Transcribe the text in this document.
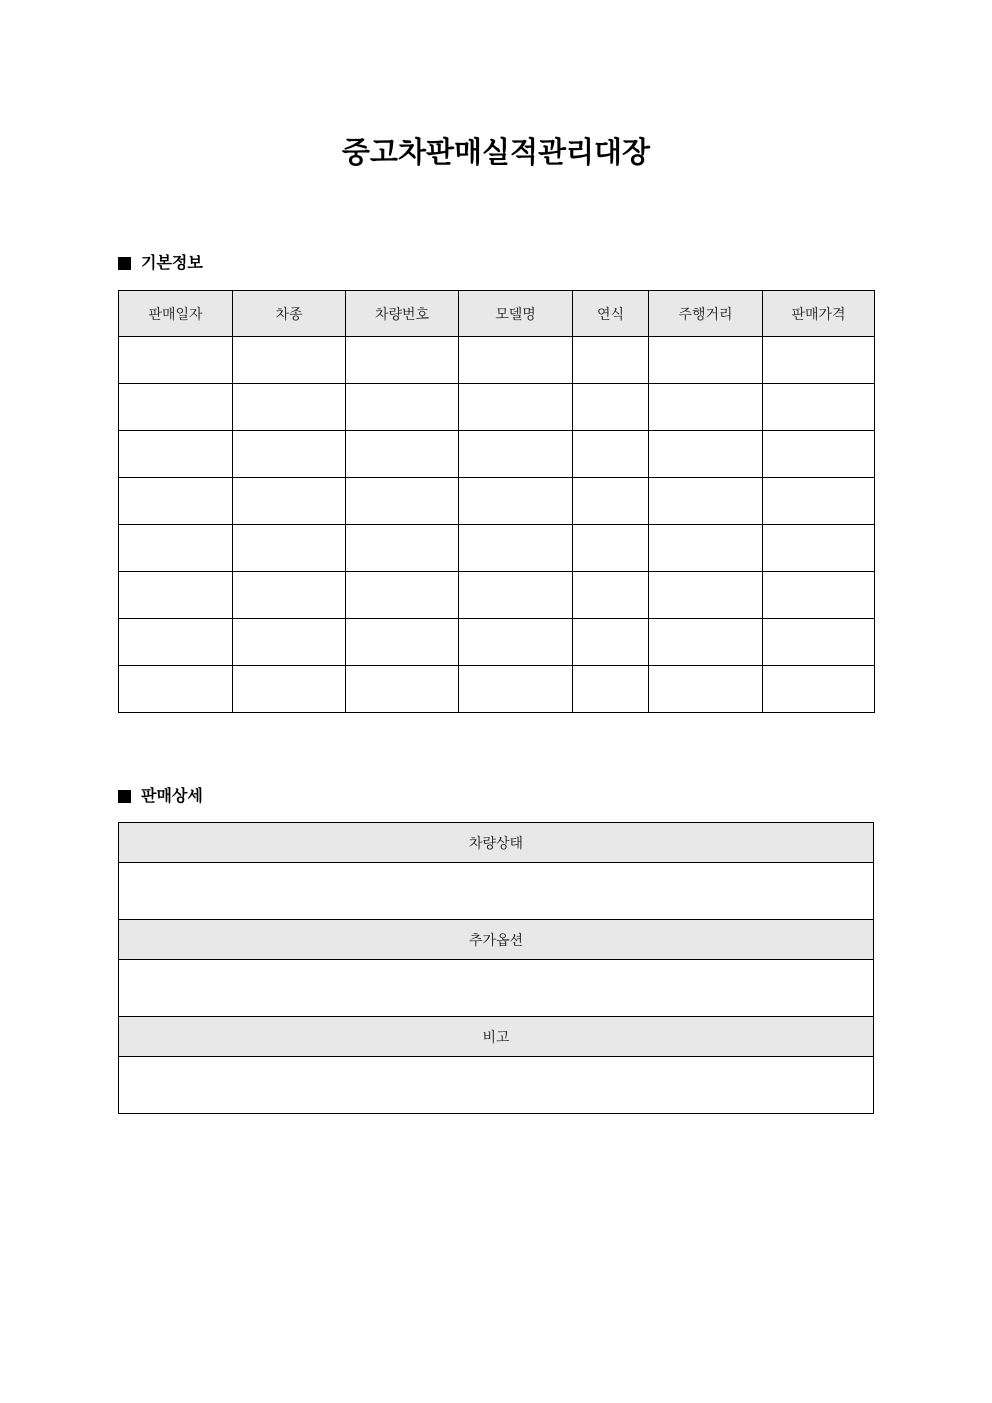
중고차판매실적관리대장
기본정보
판매일자	차종	차량번호	모델명	연식	주행거리	판매가격

판매상세
차량상태

추가옵션

비고
